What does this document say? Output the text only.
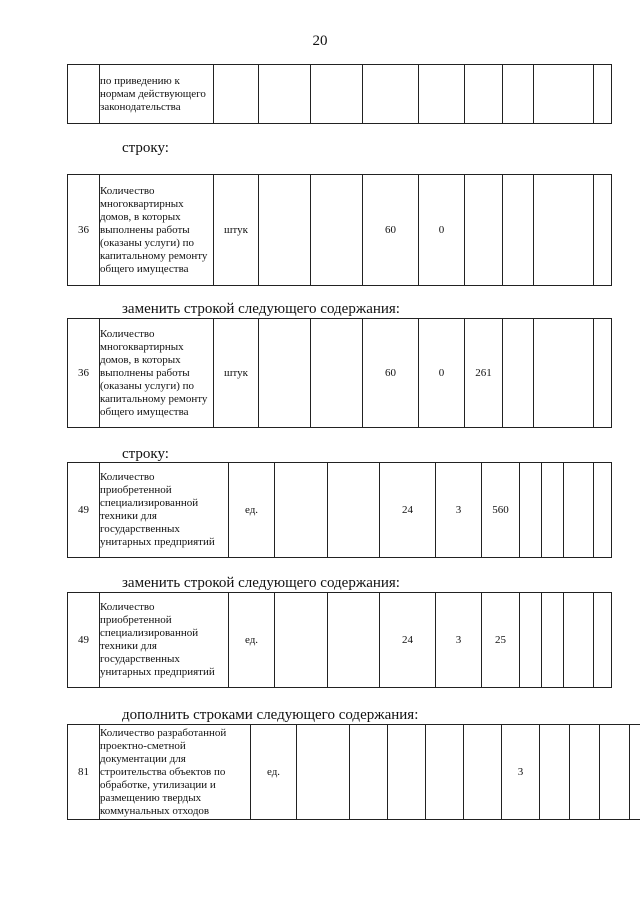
20
	по приведению к нормам действующего законодательства									
строку:
36	Количество многоквартирных домов, в которых выполнены работы (оказаны услуги) по капитальному ремонту общего имущества	штук			60	0				
заменить строкой следующего содержания:
36	Количество многоквартирных домов, в которых выполнены работы (оказаны услуги) по капитальному ремонту общего имущества	штук			60	0	261			
строку:
49	Количество приобретенной специализированной техники для государственных унитарных предприятий	ед.			24	3	560				
заменить строкой следующего содержания:
49	Количество приобретенной специализированной техники для государственных унитарных предприятий	ед.			24	3	25				
дополнить строками следующего содержания:
81	Количество разработанной проектно-сметной документации для строительства объектов по обработке, утилизации и размещению твердых коммунальных отходов	ед.						3				
